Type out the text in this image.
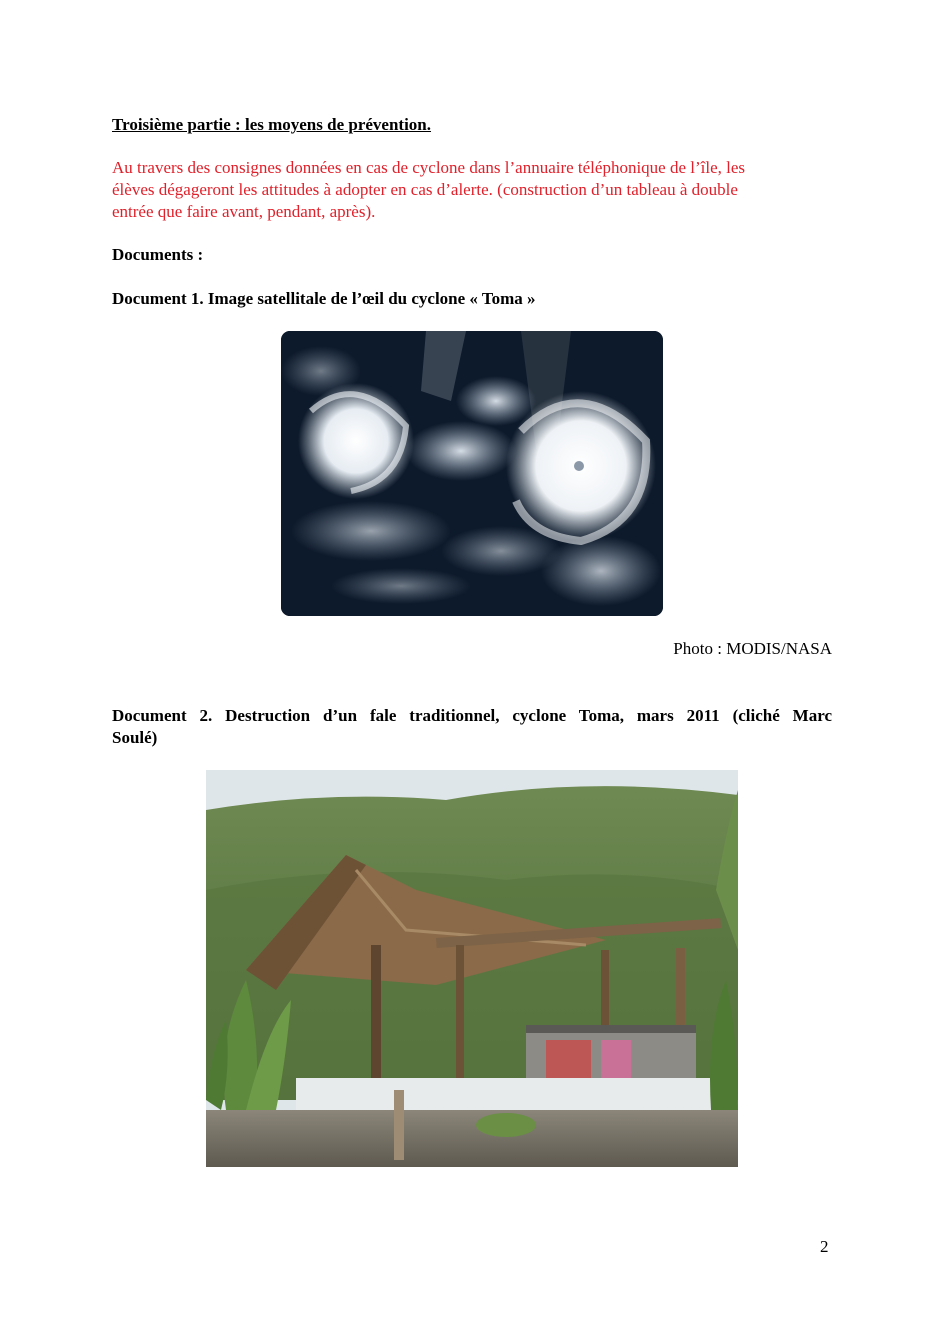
Troisième partie : les moyens de prévention.
Au travers des consignes données en cas de cyclone dans l’annuaire téléphonique de l’île, les
élèves dégageront les attitudes à adopter en cas d’alerte. (construction d’un tableau à double
entrée que faire avant, pendant, après).
Documents :
Document 1. Image satellitale de l’œil du cyclone « Toma »
Photo : MODIS/NASA
Document 2. Destruction d’un fale traditionnel, cyclone Toma, mars 2011 (cliché Marc
Soulé)
2
